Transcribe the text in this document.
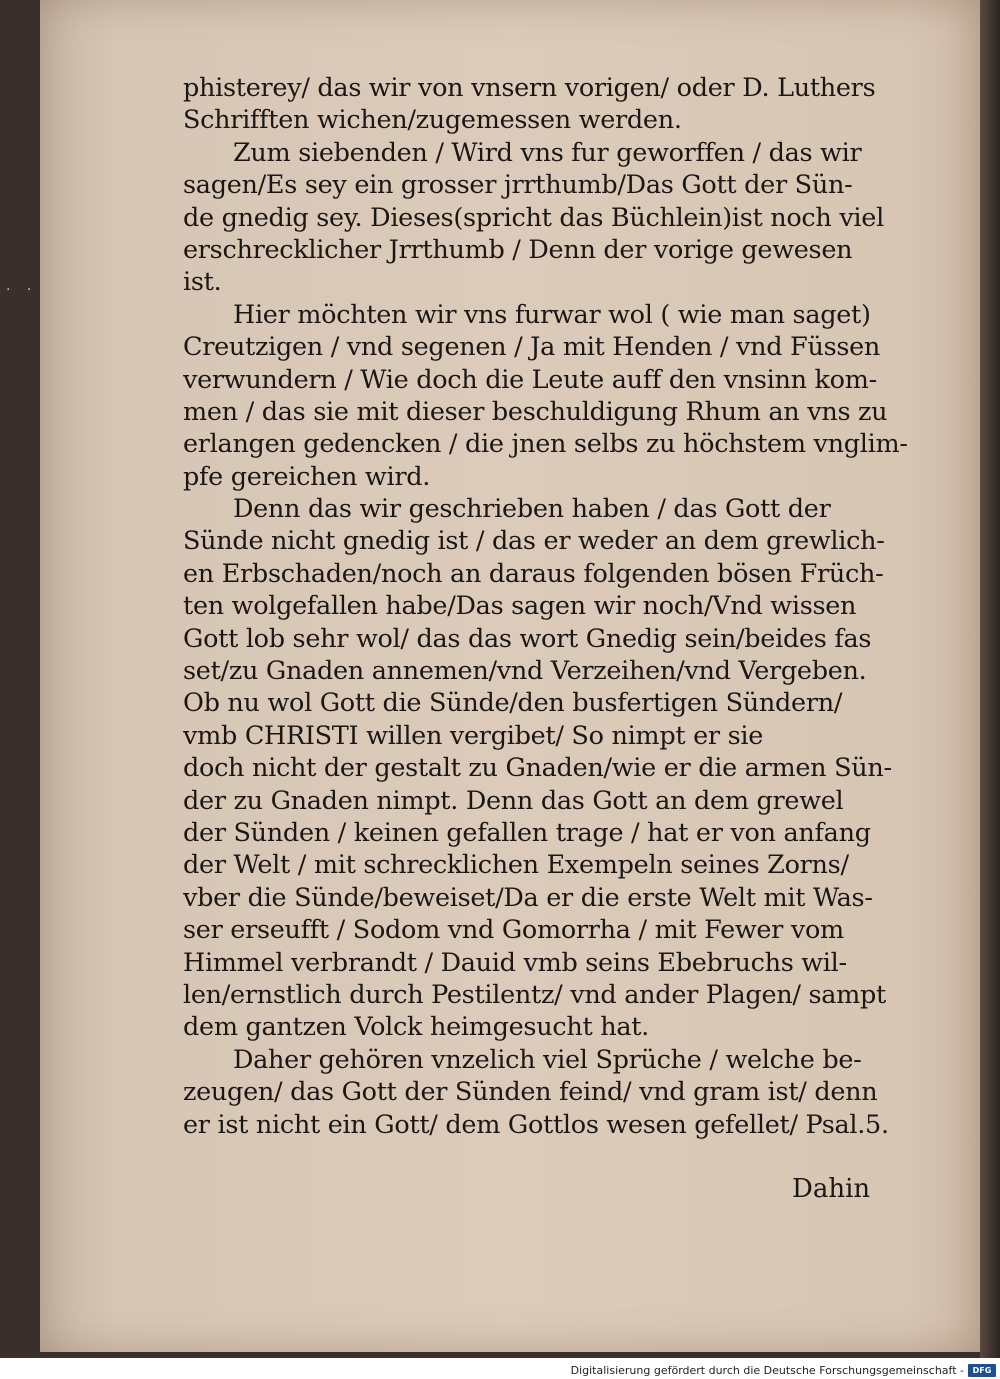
· ·
phisterey/ das wir von vnsern vorigen/ oder D. Luthers
Schrifften wichen/zugemessen werden.
Zum siebenden / Wird vns fur geworffen / das wir
sagen/Es sey ein grosser jrrthumb/Das Gott der Sün-
de gnedig sey. Dieses(spricht das Büchlein)ist noch viel
erschrecklicher Jrrthumb / Denn der vorige gewesen
ist.
Hier möchten wir vns furwar wol ( wie man saget)
Creutzigen / vnd segenen / Ja mit Henden / vnd Füssen
verwundern / Wie doch die Leute auff den vnsinn kom-
men / das sie mit dieser beschuldigung Rhum an vns zu
erlangen gedencken / die jnen selbs zu höchstem vnglim-
pfe gereichen wird.
Denn das wir geschrieben haben / das Gott der
Sünde nicht gnedig ist / das er weder an dem grewlich-
en Erbschaden/noch an daraus folgenden bösen Früch-
ten wolgefallen habe/Das sagen wir noch/Vnd wissen
Gott lob sehr wol/ das das wort Gnedig sein/beides fas
set/zu Gnaden annemen/vnd Verzeihen/vnd Vergeben.
Ob nu wol Gott die Sünde/den busfertigen Sündern/
vmb CHRISTI willen vergibet/ So nimpt er sie
doch nicht der gestalt zu Gnaden/wie er die armen Sün-
der zu Gnaden nimpt. Denn das Gott an dem grewel
der Sünden / keinen gefallen trage / hat er von anfang
der Welt / mit schrecklichen Exempeln seines Zorns/
vber die Sünde/beweiset/Da er die erste Welt mit Was-
ser erseufft / Sodom vnd Gomorrha / mit Fewer vom
Himmel verbrandt / Dauid vmb seins Ebebruchs wil-
len/ernstlich durch Pestilentz/ vnd ander Plagen/ sampt
dem gantzen Volck heimgesucht hat.
Daher gehören vnzelich viel Sprüche / welche be-
zeugen/ das Gott der Sünden feind/ vnd gram ist/ denn
er ist nicht ein Gott/ dem Gottlos wesen gefellet/ Psal.5.
Dahin
Digitalisierung gefördert durch die Deutsche Forschungsgemeinschaft -	DFG
